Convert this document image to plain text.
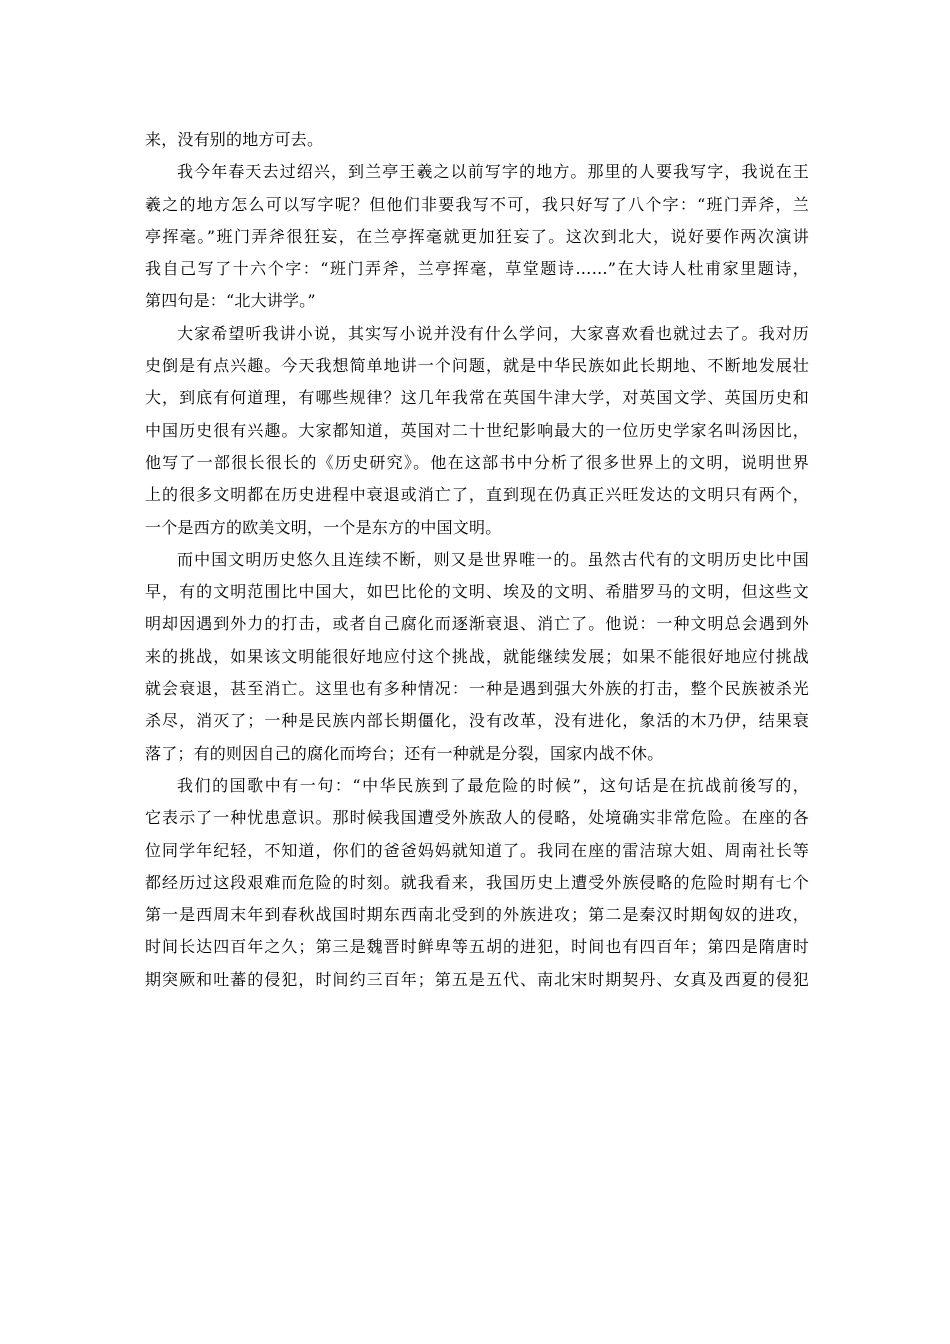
来，没有别的地方可去。

我今年春天去过绍兴，到兰亭王羲之以前写字的地方。那里的人要我写字，我说在王
羲之的地方怎么可以写字呢？但他们非要我写不可，我只好写了八个字：“班门弄斧，兰
亭挥毫。”班门弄斧很狂妄，在兰亭挥毫就更加狂妄了。这次到北大，说好要作两次演讲
我自己写了十六个字：“班门弄斧，兰亭挥毫，草堂题诗……”在大诗人杜甫家里题诗，
第四句是：“北大讲学。”

大家希望听我讲小说，其实写小说并没有什么学问，大家喜欢看也就过去了。我对历
史倒是有点兴趣。今天我想简单地讲一个问题，就是中华民族如此长期地、不断地发展壮
大，到底有何道理，有哪些规律？这几年我常在英国牛津大学，对英国文学、英国历史和
中国历史很有兴趣。大家都知道，英国对二十世纪影响最大的一位历史学家名叫汤因比，
他写了一部很长很长的《历史研究》。他在这部书中分析了很多世界上的文明，说明世界
上的很多文明都在历史进程中衰退或消亡了，直到现在仍真正兴旺发达的文明只有两个，
一个是西方的欧美文明，一个是东方的中国文明。

而中国文明历史悠久且连续不断，则又是世界唯一的。虽然古代有的文明历史比中国
早，有的文明范围比中国大，如巴比伦的文明、埃及的文明、希腊罗马的文明，但这些文
明却因遇到外力的打击，或者自己腐化而逐渐衰退、消亡了。他说：一种文明总会遇到外
来的挑战，如果该文明能很好地应付这个挑战，就能继续发展；如果不能很好地应付挑战
就会衰退，甚至消亡。这里也有多种情况：一种是遇到强大外族的打击，整个民族被杀光
杀尽，消灭了；一种是民族内部长期僵化，没有改革，没有进化，象活的木乃伊，结果衰
落了；有的则因自己的腐化而垮台；还有一种就是分裂，国家内战不休。

我们的国歌中有一句：“中华民族到了最危险的时候”，这句话是在抗战前後写的，
它表示了一种忧患意识。那时候我国遭受外族敌人的侵略，处境确实非常危险。在座的各
位同学年纪轻，不知道，你们的爸爸妈妈就知道了。我同在座的雷洁琼大姐、周南社长等
都经历过这段艰难而危险的时刻。就我看来，我国历史上遭受外族侵略的危险时期有七个
第一是西周末年到春秋战国时期东西南北受到的外族进攻；第二是秦汉时期匈奴的进攻，
时间长达四百年之久；第三是魏晋时鲜卑等五胡的进犯，时间也有四百年；第四是隋唐时
期突厥和吐蕃的侵犯，时间约三百年；第五是五代、南北宋时期契丹、女真及西夏的侵犯
